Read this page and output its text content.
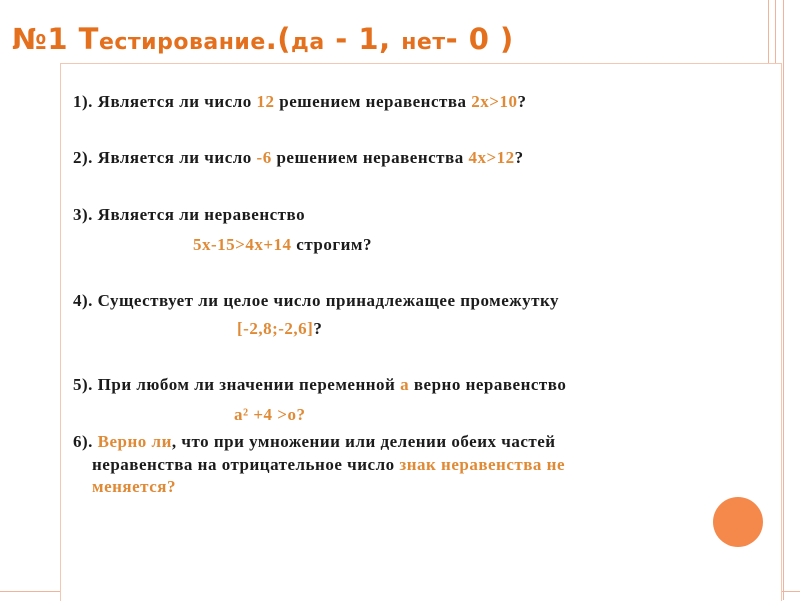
№1 Тестирование.(да - 1, нет- 0 )
1). Является ли число 12 решением неравенства 2х>10?
2). Является ли число -6 решением неравенства 4х>12?
3). Является ли неравенство
5х-15>4х+14 строгим?
4). Существует ли целое число принадлежащее промежутку
[-2,8;-2,6]?
5). При любом ли значении переменной а верно неравенство
а² +4 >о?
6). Верно ли, что при умножении или делении обеих частей
неравенства на отрицательное число знак неравенства не
меняется?
